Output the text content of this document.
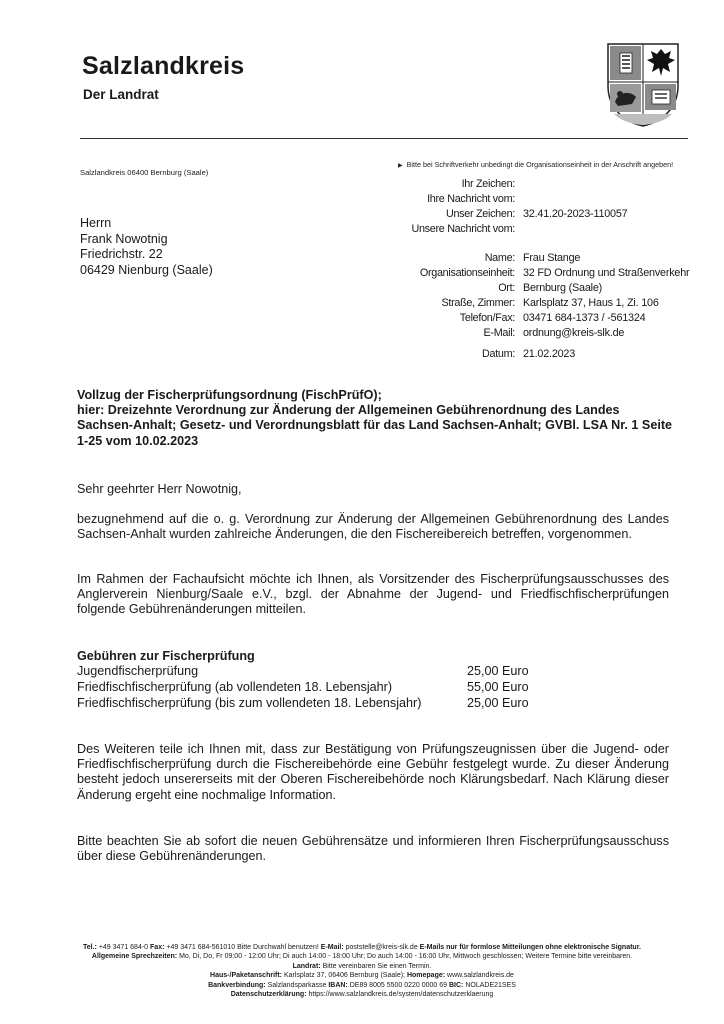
Salzlandkreis
Der Landrat
Salzlandkreis 06400 Bernburg (Saale)
▶ Bitte bei Schriftverkehr unbedingt die Organisationseinheit in der Anschrift angeben!
Herrn
Frank Nowotnig
Friedrichstr. 22
06429 Nienburg (Saale)
Ihr Zeichen:
Ihre Nachricht vom:
Unser Zeichen: 32.41.20-2023-110057
Unsere Nachricht vom:
Name: Frau Stange
Organisationseinheit: 32 FD Ordnung und Straßenverkehr
Ort: Bernburg (Saale)
Straße, Zimmer: Karlsplatz 37, Haus 1, Zi. 106
Telefon/Fax: 03471 684-1373 / -561324
E-Mail: ordnung@kreis-slk.de
Datum: 21.02.2023
Vollzug der Fischerprüfungsordnung (FischPrüfO);
hier: Dreizehnte Verordnung zur Änderung der Allgemeinen Gebührenordnung des Landes Sachsen-Anhalt; Gesetz- und Verordnungsblatt für das Land Sachsen-Anhalt; GVBl. LSA Nr. 1 Seite 1-25 vom 10.02.2023
Sehr geehrter Herr Nowotnig,
bezugnehmend auf die o. g. Verordnung zur Änderung der Allgemeinen Gebührenordnung des Landes Sachsen-Anhalt wurden zahlreiche Änderungen, die den Fischereibereich betreffen, vorgenommen.
Im Rahmen der Fachaufsicht möchte ich Ihnen, als Vorsitzender des Fischerprüfungsausschusses des Anglerverein Nienburg/Saale e.V., bzgl. der Abnahme der Jugend- und Friedfischfischerprüfungen folgende Gebührenänderungen mitteilen.
Gebühren zur Fischerprüfung
Jugendfischerprüfung	25,00 Euro
Friedfischfischerprüfung (ab vollendeten 18. Lebensjahr)	55,00 Euro
Friedfischfischerprüfung (bis zum vollendeten 18. Lebensjahr)	25,00 Euro
Des Weiteren teile ich Ihnen mit, dass zur Bestätigung von Prüfungszeugnissen über die Jugend- oder Friedfischfischerprüfung durch die Fischereibehörde eine Gebühr festgelegt wurde. Zu dieser Änderung besteht jedoch unsererseits mit der Oberen Fischereibehörde noch Klärungsbedarf. Nach Klärung dieser Änderung ergeht eine nochmalige Information.
Bitte beachten Sie ab sofort die neuen Gebührensätze und informieren Ihren Fischerprüfungsausschuss über diese Gebührenänderungen.
Tel.: +49 3471 684-0 Fax: +49 3471 684-561010 Bitte Durchwahl benutzen! E-Mail: poststelle@kreis-slk.de E-Mails nur für formlose Mitteilungen ohne elektronische Signatur.
Allgemeine Sprechzeiten: Mo, Di, Do, Fr 09:00 - 12:00 Uhr; Di auch 14:00 - 18:00 Uhr; Do auch 14:00 - 16:00 Uhr, Mittwoch geschlossen; Weitere Termine bitte vereinbaren.
Landrat: Bitte vereinbaren Sie einen Termin.
Haus-/Paketanschrift: Karlsplatz 37, 06406 Bernburg (Saale); Homepage: www.salzlandkreis.de
Bankverbindung: Salzlandsparkasse IBAN: DE89 8005 5500 0220 0000 69 BIC: NOLADE21SES
Datenschutzerklärung: https://www.salzlandkreis.de/system/datenschutzerklaerung
